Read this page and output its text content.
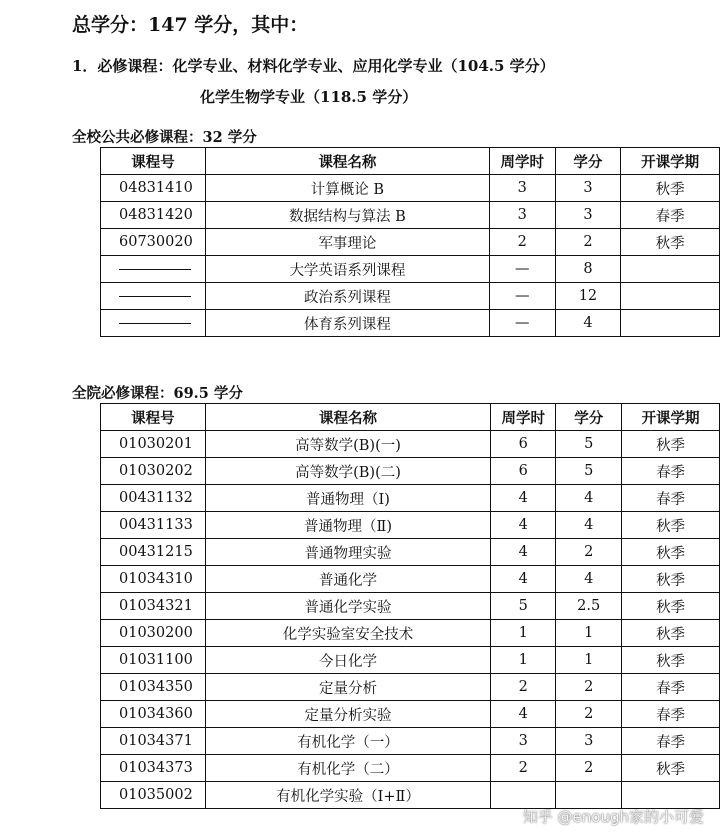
总学分：147 学分，其中：
1．必修课程：化学专业、材料化学专业、应用化学专业（104.5 学分）
化学生物学专业（118.5 学分）
全校公共必修课程：32 学分
课程号	课程名称	周学时	学分	开课学期
04831410	计算概论 B	3	3	秋季
04831420	数据结构与算法 B	3	3	春季
60730020	军事理论	2	2	秋季
	大学英语系列课程	—	8	
	政治系列课程	—	12	
	体育系列课程	—	4	
全院必修课程：69.5 学分
课程号	课程名称	周学时	学分	开课学期
01030201	高等数学(B)(一)	6	5	秋季
01030202	高等数学(B)(二)	6	5	春季
00431132	普通物理（Ⅰ)	4	4	春季
00431133	普通物理（Ⅱ)	4	4	秋季
00431215	普通物理实验	4	2	秋季
01034310	普通化学	4	4	秋季
01034321	普通化学实验	5	2.5	秋季
01030200	化学实验室安全技术	1	1	秋季
01031100	今日化学	1	1	秋季
01034350	定量分析	2	2	春季
01034360	定量分析实验	4	2	春季
01034371	有机化学（一）	3	3	春季
01034373	有机化学（二）	2	2	秋季
01035002	有机化学实验（Ⅰ+Ⅱ）			
知乎 @enough家的小可爱
